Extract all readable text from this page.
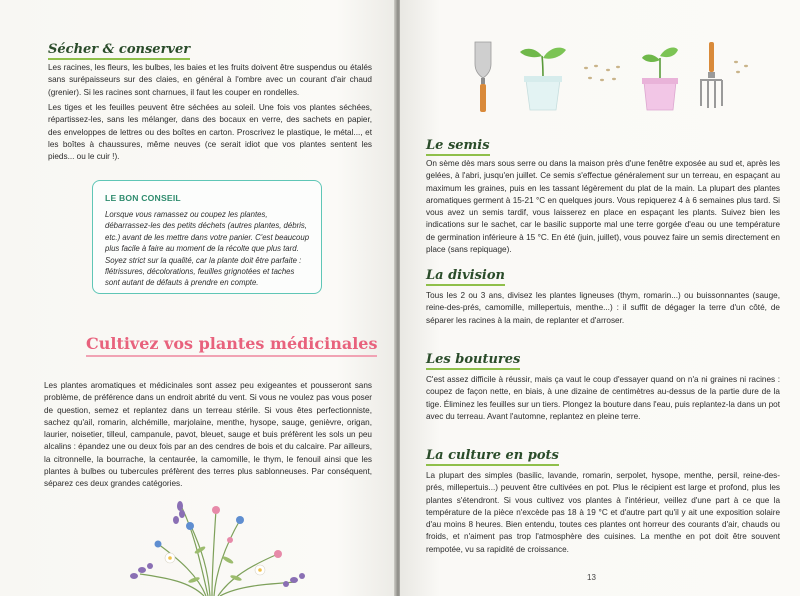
Sécher & conserver

Les racines, les fleurs, les bulbes, les baies et les fruits doivent être suspendus ou étalés sans surépaisseurs sur des claies, en général à l'ombre avec un courant d'air chaud (grenier). Si les racines sont charnues, il faut les couper en rondelles.

Les tiges et les feuilles peuvent être séchées au soleil. Une fois vos plantes séchées, répartissez-les, sans les mélanger, dans des bocaux en verre, des sachets en papier, des enveloppes de lettres ou des boîtes en carton. Proscrivez le plastique, le métal..., et les boîtes à chaussures, même neuves (ce serait idiot que vos plantes sentent les pieds... ou le cuir !).

LE BON CONSEIL

Lorsque vous ramassez ou coupez les plantes, débarrassez-les des petits déchets (autres plantes, débris, etc.) avant de les mettre dans votre panier. C'est beaucoup plus facile à faire au moment de la récolte que plus tard. Soyez strict sur la qualité, car la plante doit être parfaite : flétrissures, décolorations, feuilles grignotées et taches sont autant de défauts à prendre en compte.

Cultivez vos plantes médicinales

Les plantes aromatiques et médicinales sont assez peu exigeantes et pousseront sans problème, de préférence dans un endroit abrité du vent. Si vous ne voulez pas vous poser de question, semez et replantez dans un terreau stérile. Si vous êtes perfectionniste, sachez qu'ail, romarin, alchémille, marjolaine, menthe, hysope, sauge, genièvre, origan, laurier, noisetier, tilleul, campanule, pavot, bleuet, sauge et buis préfèrent les sols un peu alcalins : épandez une ou deux fois par an des cendres de bois et du calcaire. Par ailleurs, la citronnelle, la bourrache, la centaurée, la camomille, le thym, le fenouil ainsi que les plantes à bulbes ou tubercules préfèrent des terres plus sablonneuses. Par conséquent, séparez ces deux grandes catégories.

Le semis

On sème dès mars sous serre ou dans la maison près d'une fenêtre exposée au sud et, après les gelées, à l'abri, jusqu'en juillet. Ce semis s'effectue généralement sur un terreau, en espaçant au maximum les graines, puis en les tassant légèrement du plat de la main. La plupart des plantes aromatiques germent à 15-21 °C en quelques jours. Vous repiquerez 4 à 6 semaines plus tard. Si vous avez un semis tardif, vous laisserez en place en espaçant les plants. Suivez bien les indications sur le sachet, car le basilic supporte mal une terre gorgée d'eau ou une température de germination inférieure à 15 °C. En été (juin, juillet), vous pouvez faire un semis directement en place (sans repiquage).

La division

Tous les 2 ou 3 ans, divisez les plantes ligneuses (thym, romarin...) ou buissonnantes (sauge, reine-des-prés, camomille, millepertuis, menthe...) : il suffit de dégager la terre d'un côté, de séparer les racines à la main, de replanter et d'arroser.

Les boutures

C'est assez difficile à réussir, mais ça vaut le coup d'essayer quand on n'a ni graines ni racines : coupez de façon nette, en biais, à une dizaine de centimètres au-dessus de la partie dure de la tige. Éliminez les feuilles sur un tiers. Plongez la bouture dans l'eau, puis replantez-la dans un pot avec du terreau. Avant l'automne, replantez en pleine terre.

La culture en pots

La plupart des simples (basilic, lavande, romarin, serpolet, hysope, menthe, persil, reine-des-prés, millepertuis...) peuvent être cultivées en pot. Plus le récipient est large et profond, plus les plantes s'étendront. Si vous cultivez vos plantes à l'intérieur, veillez d'une part à ce que la température de la pièce n'excède pas 18 à 19 °C et d'autre part qu'il y ait une exposition solaire d'au moins 8 heures. Bien entendu, toutes ces plantes ont horreur des courants d'air, chauds ou froids, et n'aiment pas trop l'atmosphère des cuisines. La menthe en pot doit être souvent rempotée, vu sa rapidité de croissance.

13
